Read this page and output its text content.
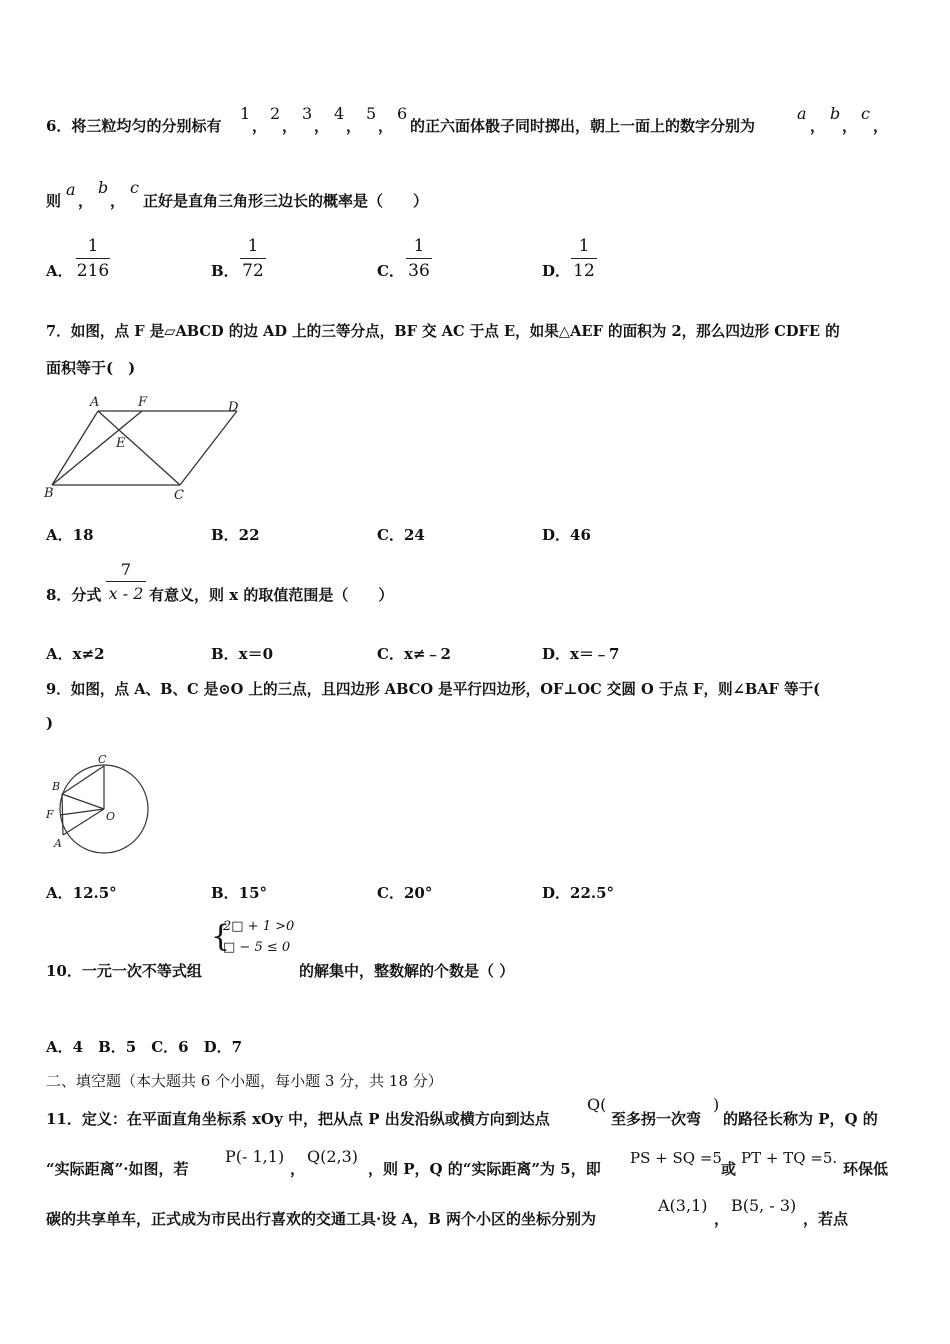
6．将三粒均匀的分别标有
1
，
2
，
3
，
4
，
5
，
6
的正六面体骰子同时掷出，朝上一面上的数字分别为
a
，
b
，
c
，
则
a
，
b
，
c
正好是直角三角形三边长的概率是（　　）
A．
1
216	B．
1
72	C．
1
36	D．
1
12
7．如图，点 F 是▱ABCD 的边 AD 上的三等分点，BF 交 AC 于点 E，如果△AEF 的面积为 2，那么四边形 CDFE 的
面积等于(　)
A	F	D
E
B	C
A．18	B．22	C．24	D．46
8．分式
7
x - 2 有意义，则 x 的取值范围是（　　）
A．x≠2	B．x＝0	C．x≠﹣2	D．x＝﹣7
9．如图，点 A、B、C 是⊙O 上的三点，且四边形 ABCO 是平行四边形，OF⊥OC 交圆 O 于点 F，则∠BAF 等于(
)
C
B
F	O
A
A．12.5°	B．15°	C．20°	D．22.5°
10．一元一次不等式组
{
2□ + 1 >0
□ − 5 ≤ 0
的解集中，整数解的个数是（ ）
A．4　B．5　C．6　D．7
二、填空题（本大题共 6 个小题，每小题 3 分，共 18 分）
11．定义：在平面直角坐标系 xOy 中，把从点 P 出发沿纵或横方向到达点
Q(
至多拐一次弯
)
的路径长称为 P，Q 的
“实际距离”·如图，若
P(- 1,1)
，
Q(2,3)
，则 P，Q 的“实际距离”为 5，即
PS + SQ =5
或
PT + TQ =5.
环保低
碳的共享单车，正式成为市民出行喜欢的交通工具·设 A，B 两个小区的坐标分别为
A(3,1)
，
B(5, - 3)
，若点
